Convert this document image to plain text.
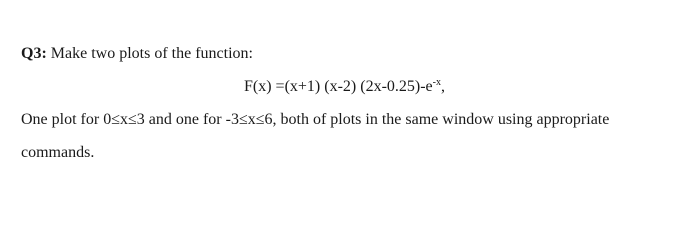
Q3: Make two plots of the function:
F(x) =(x+1) (x-2) $(2x-0.25)-e^{-x}$,
One plot for 0≤x≤3 and one for -3≤x≤6, both of plots in the same window using appropriate
commands.
